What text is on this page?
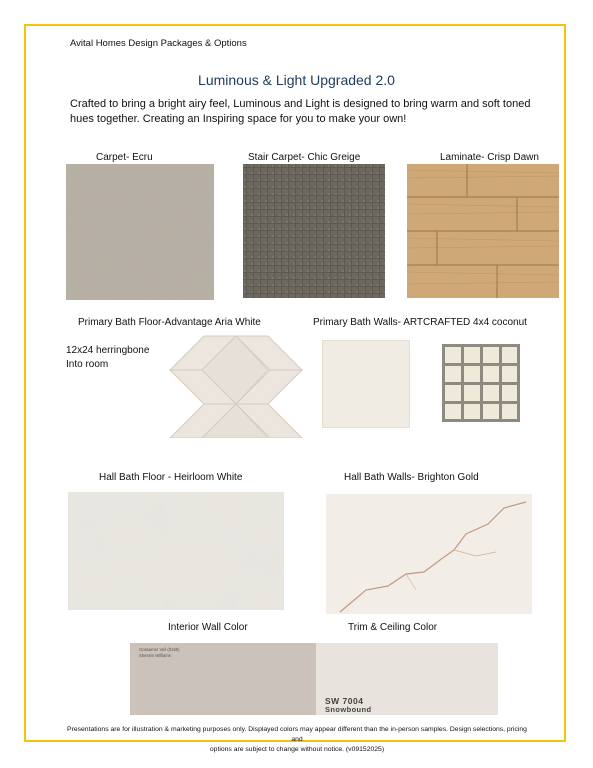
Avital Homes Design Packages & Options
Luminous & Light Upgraded 2.0
Crafted to bring a bright airy feel, Luminous and Light is designed to bring warm and soft toned hues together. Creating an Inspiring space for you to make your own!
Carpet- Ecru	Stair Carpet- Chic Greige	Laminate- Crisp Dawn
Primary Bath Floor-Advantage Aria White	Primary Bath Walls- ARTCRAFTED 4x4 coconut
12x24 herringbone
Into room
Hall Bath Floor - Heirloom White	Hall Bath Walls- Brighton Gold
Interior Wall Color	Trim & Ceiling Color
Gossamer Veil (9165)
Sherwin Williams
SW 7004
Snowbound
Presentations are for illustration & marketing purposes only. Displayed colors may appear different than the in-person samples. Design selections, pricing and
options are subject to change without notice. (v09152025)
